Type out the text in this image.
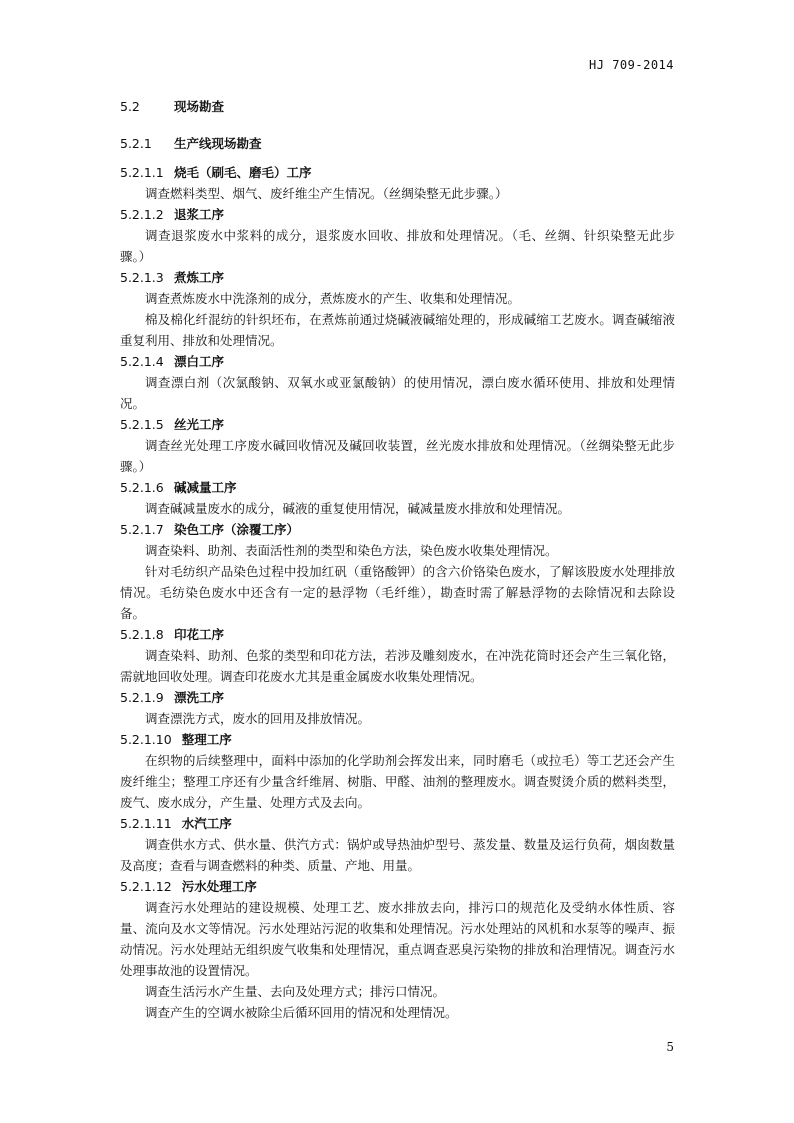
HJ 709-2014
5.2	现场勘查
5.2.1 生产线现场勘查
5.2.1.1 烧毛（刷毛、磨毛）工序

调查燃料类型、烟气、废纤维尘产生情况。（丝绸染整无此步骤。）

5.2.1.2 退浆工序

调查退浆废水中浆料的成分，退浆废水回收、排放和处理情况。（毛、丝绸、针织染整无此步骤。）

5.2.1.3 煮炼工序

调查煮炼废水中洗涤剂的成分，煮炼废水的产生、收集和处理情况。

棉及棉化纤混纺的针织坯布，在煮炼前通过烧碱液碱缩处理的，形成碱缩工艺废水。调查碱缩液重复利用、排放和处理情况。

5.2.1.4 漂白工序

调查漂白剂（次氯酸钠、双氧水或亚氯酸钠）的使用情况，漂白废水循环使用、排放和处理情况。

5.2.1.5 丝光工序

调查丝光处理工序废水碱回收情况及碱回收装置，丝光废水排放和处理情况。（丝绸染整无此步骤。）

5.2.1.6 碱减量工序

调查碱减量废水的成分，碱液的重复使用情况，碱减量废水排放和处理情况。

5.2.1.7 染色工序（涂覆工序）

调查染料、助剂、表面活性剂的类型和染色方法，染色废水收集处理情况。

针对毛纺织产品染色过程中投加红矾（重铬酸钾）的含六价铬染色废水，了解该股废水处理排放情况。毛纺染色废水中还含有一定的悬浮物（毛纤维），勘查时需了解悬浮物的去除情况和去除设备。

5.2.1.8 印花工序

调查染料、助剂、色浆的类型和印花方法，若涉及雕刻废水，在冲洗花筒时还会产生三氧化铬，需就地回收处理。调查印花废水尤其是重金属废水收集处理情况。

5.2.1.9 漂洗工序

调查漂洗方式，废水的回用及排放情况。

5.2.1.10 整理工序

在织物的后续整理中，面料中添加的化学助剂会挥发出来，同时磨毛（或拉毛）等工艺还会产生废纤维尘；整理工序还有少量含纤维屑、树脂、甲醛、油剂的整理废水。调查熨烫介质的燃料类型，废气、废水成分，产生量、处理方式及去向。

5.2.1.11 水汽工序

调查供水方式、供水量、供汽方式：锅炉或导热油炉型号、蒸发量、数量及运行负荷，烟囱数量及高度；查看与调查燃料的种类、质量、产地、用量。

5.2.1.12 污水处理工序

调查污水处理站的建设规模、处理工艺、废水排放去向，排污口的规范化及受纳水体性质、容量、流向及水文等情况。污水处理站污泥的收集和处理情况。污水处理站的风机和水泵等的噪声、振动情况。污水处理站无组织废气收集和处理情况，重点调查恶臭污染物的排放和治理情况。调查污水处理事故池的设置情况。

调查生活污水产生量、去向及处理方式；排污口情况。

调查产生的空调水被除尘后循环回用的情况和处理情况。

5
